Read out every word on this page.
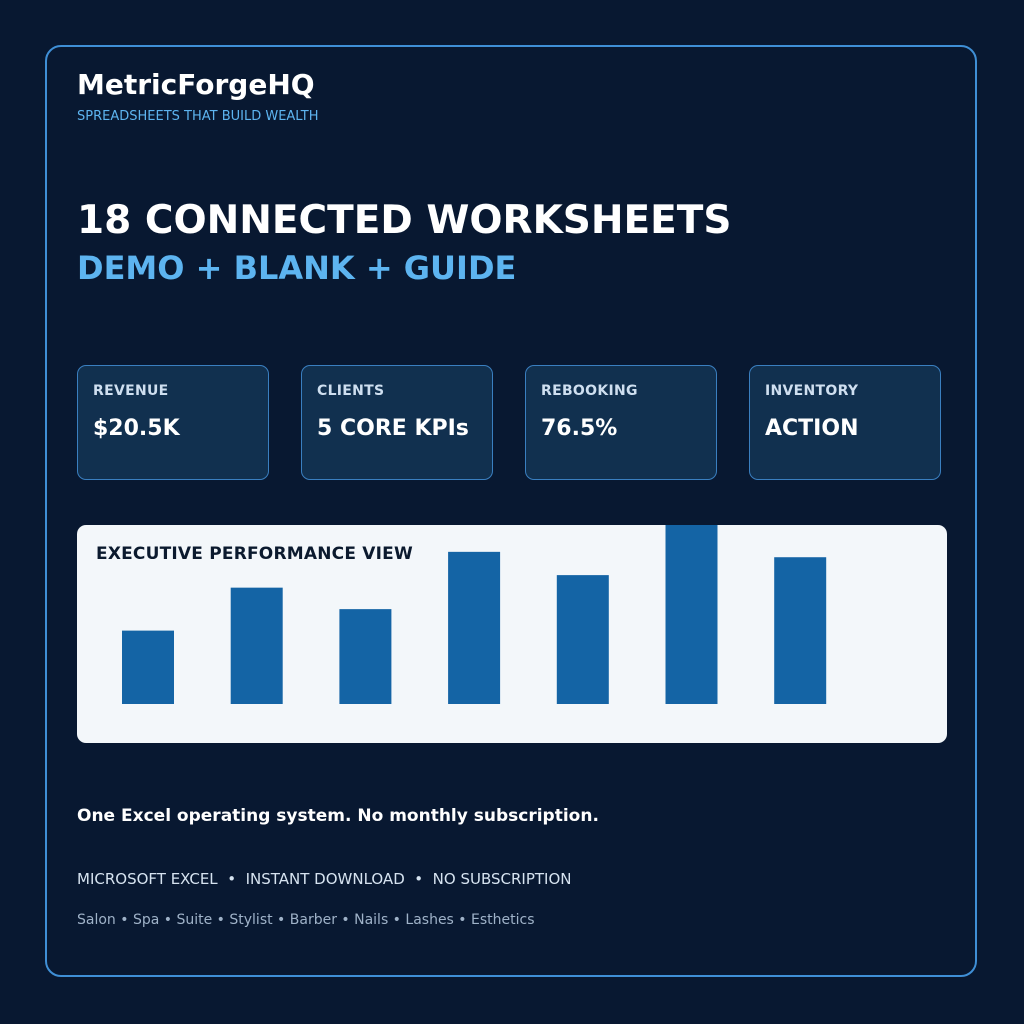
MetricForgeHQ
SPREADSHEETS THAT BUILD WEALTH
18 CONNECTED WORKSHEETS
DEMO + BLANK + GUIDE
REVENUE
$20.5K
CLIENTS
5 CORE KPIs
REBOOKING
76.5%
INVENTORY
ACTION
EXECUTIVE PERFORMANCE VIEW
One Excel operating system. No monthly subscription.
MICROSOFT EXCEL  •  INSTANT DOWNLOAD  •  NO SUBSCRIPTION
Salon • Spa • Suite • Stylist • Barber • Nails • Lashes • Esthetics
